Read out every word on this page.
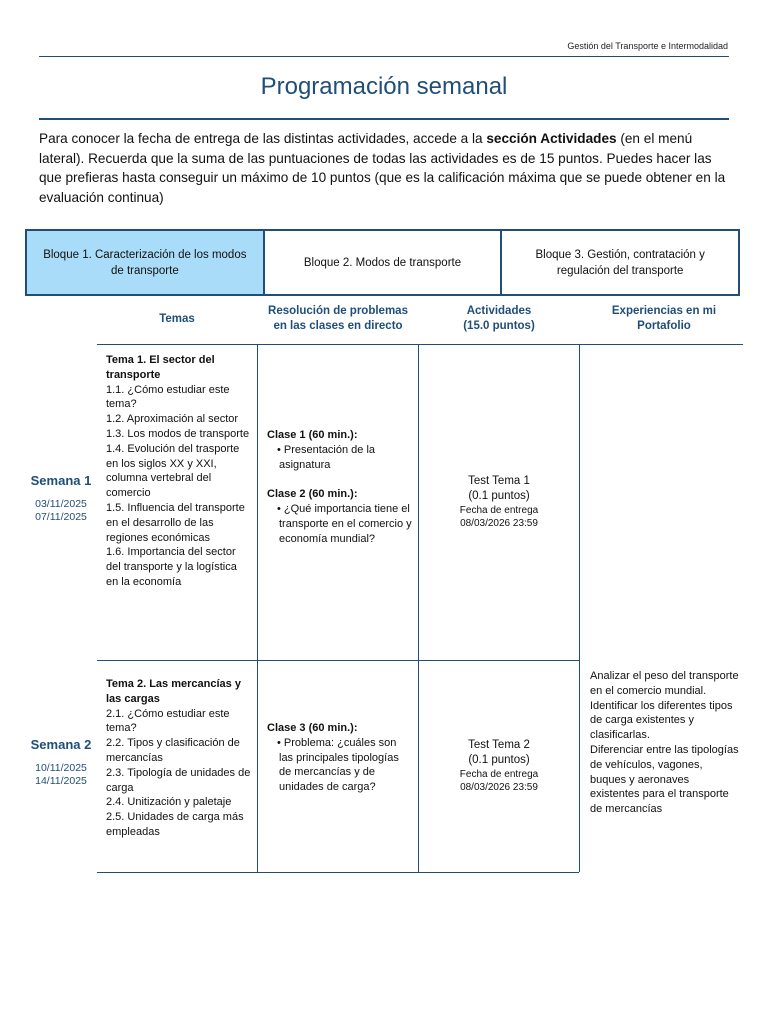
Gestión del Transporte e Intermodalidad
Programación semanal
Para conocer la fecha de entrega de las distintas actividades, accede a la sección Actividades (en el menú lateral). Recuerda que la suma de las puntuaciones de todas las actividades es de 15 puntos. Puedes hacer las que prefieras hasta conseguir un máximo de 10 puntos (que es la calificación máxima que se puede obtener en la evaluación continua)
Bloque 1. Caracterización de los modos de transporte
Bloque 2. Modos de transporte
Bloque 3. Gestión, contratación y regulación del transporte
Temas
Resolución de problemas en las clases en directo
Actividades
(15.0 puntos)
Experiencias en mi Portafolio
Semana 1
03/11/2025
07/11/2025
Tema 1. El sector del transporte
1.1. ¿Cómo estudiar este tema?
1.2. Aproximación al sector
1.3. Los modos de transporte
1.4. Evolución del trasporte en los siglos XX y XXI, columna vertebral del comercio
1.5. Influencia del transporte en el desarrollo de las regiones económicas
1.6. Importancia del sector del transporte y la logística en la economía
Clase 1 (60 min.):
• Presentación de la asignatura
Clase 2 (60 min.):
• ¿Qué importancia tiene el transporte en el comercio y economía mundial?
Test Tema 1
(0.1 puntos)
Fecha de entrega
08/03/2026 23:59
Semana 2
10/11/2025
14/11/2025
Tema 2. Las mercancías y las cargas
2.1. ¿Cómo estudiar este tema?
2.2. Tipos y clasificación de mercancías
2.3. Tipología de unidades de carga
2.4. Unitización y paletaje
2.5. Unidades de carga más empleadas
Clase 3 (60 min.):
• Problema: ¿cuáles son las principales tipologías de mercancías y de unidades de carga?
Test Tema 2
(0.1 puntos)
Fecha de entrega
08/03/2026 23:59
Analizar el peso del transporte en el comercio mundial.
Identificar los diferentes tipos de carga existentes y clasificarlas.
Diferenciar entre las tipologías de vehículos, vagones, buques y aeronaves existentes para el transporte de mercancías
